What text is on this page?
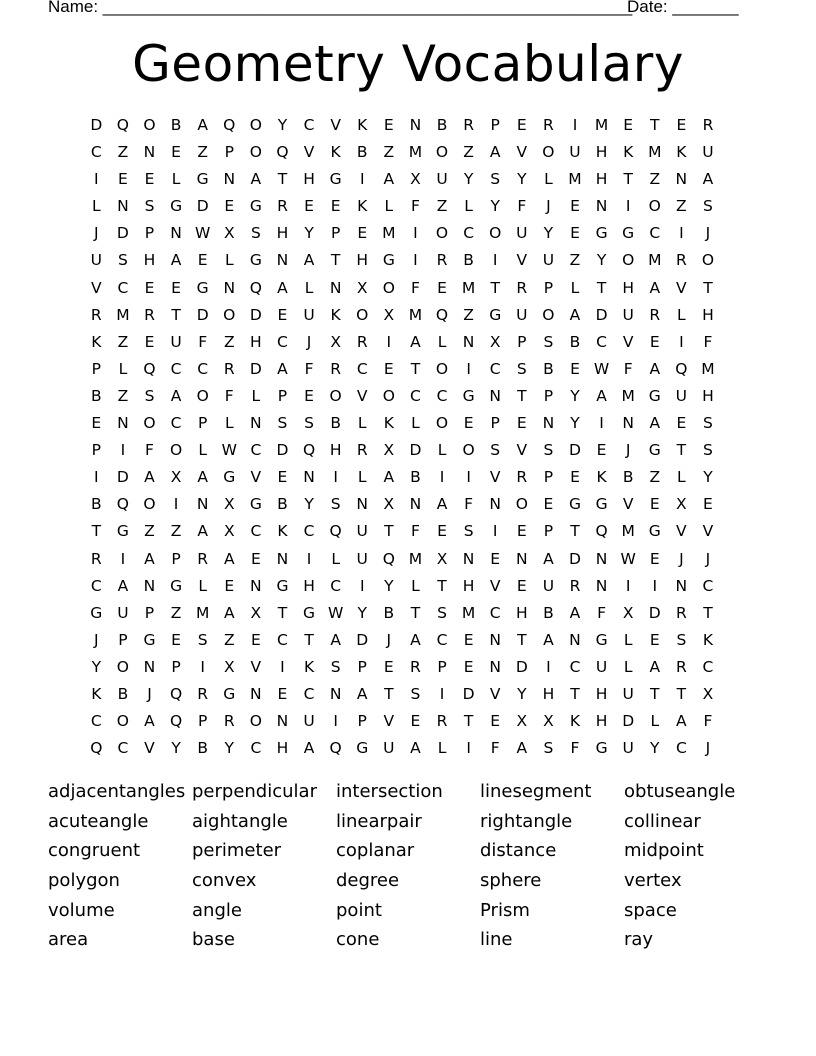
Name: ________________________________________________________
Date: _______
Geometry Vocabulary
D Q O B	A Q O	Y	C	V	K	E	N B	R	P	E	R	I	M E	T	E	R
C	Z N	E	Z	P	O Q V	K	B	Z M O Z	A	V O U H	K M K	U
I	E	E	L	G N A	T	H G	I	A	X	U	Y	S	Y	L	M H	T	Z N A
L	N	S	G D	E	G R	E	E	K	L	F	Z	L	Y	F	J	E	N	I	O Z	S
J	D	P	N W X	S	H	Y	P	E M	I	O C O U	Y	E	G G C	I	J
U	S	H A	E	L	G N A	T	H G	I	R	B	I	V	U	Z	Y	O M R O
V	C	E	E	G N Q A	L	N X O	F	E M T	R	P	L	T	H A	V	T
R M R	T	D O D	E	U	K O X M Q Z G U O A D U	R	L	H
K	Z	E	U	F	Z H C	J	X	R	I	A	L	N X	P	S	B	C	V	E	I	F
P	L	Q C	C	R D A	F	R	C	E	T	O	I	C	S	B	E W F	A Q M
B	Z	S	A O	F	L	P	E	O V O C	C G N	T	P	Y	A M G U H
E	N O C	P	L	N	S	S	B	L	K	L	O	E	P	E	N	Y	I	N A	E	S
P	I	F	O	L W C D Q H R	X D	L	O	S	V	S	D	E	J	G	T	S
I	D A	X	A G V	E	N	I	L	A	B	I	I	V	R	P	E	K	B	Z	L	Y
B Q O	I	N X G B	Y	S	N X N A	F	N O	E	G G V	E	X	E
T	G Z	Z	A	X	C	K	C Q U	T	F	E	S	I	E	P	T	Q M G V	V
R	I	A	P	R	A	E	N	I	L	U Q M X N	E	N A D N W E	J	J
C	A N G	L	E	N G H C	I	Y	L	T	H V	E	U	R N	I	I	N C
G U	P	Z M A	X	T	G W Y	B	T	S M C H B	A	F	X D R	T
J	P	G	E	S	Z	E	C	T	A D	J	A	C	E	N	T	A N G	L	E	S	K
Y	O N	P	I	X	V	I	K	S	P	E	R	P	E	N D	I	C	U	L	A	R	C
K	B	J	Q R G N	E	C N A	T	S	I	D V	Y	H	T	H U	T	T	X
C O A Q	P	R O N U	I	P	V	E	R	T	E	X	X	K	H D	L	A	F
Q C	V	Y	B	Y	C H A Q G U	A	L	I	F	A	S	F	G U	Y	C	J
adjacentangles perpendicular	intersection	linesegment	obtuseangle
acuteangle	aightangle	linearpair	rightangle	collinear
congruent	perimeter	coplanar	distance	midpoint
polygon	convex	degree	sphere	vertex
volume	angle	point	Prism	space
area	base	cone	line	ray
